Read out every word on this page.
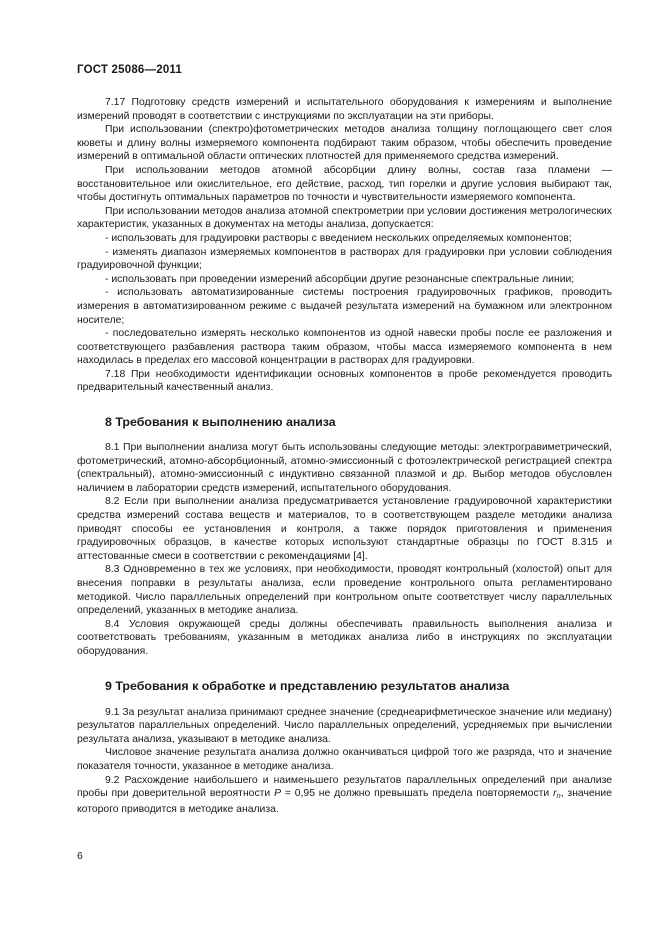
ГОСТ 25086—2011

7.17 Подготовку средств измерений и испытательного оборудования к измерениям и выполнение измерений проводят в соответствии с инструкциями по эксплуатации на эти приборы.

При использовании (спектро)фотометрических методов анализа толщину поглощающего свет слоя кюветы и длину волны измеряемого компонента подбирают таким образом, чтобы обеспечить проведение измерений в оптимальной области оптических плотностей для применяемого средства измерений.

При использовании методов атомной абсорбции длину волны, состав газа пламени — восстановительное или окислительное, его действие, расход, тип горелки и другие условия выбирают так, чтобы достигнуть оптимальных параметров по точности и чувствительности измеряемого компонента.

При использовании методов анализа атомной спектрометрии при условии достижения метрологических характеристик, указанных в документах на методы анализа, допускается:

- использовать для градуировки растворы с введением нескольких определяемых компонентов;

- изменять диапазон измеряемых компонентов в растворах для градуировки при условии соблюдения градуировочной функции;

- использовать при проведении измерений абсорбции другие резонансные спектральные линии;

- использовать автоматизированные системы построения градуировочных графиков, проводить измерения в автоматизированном режиме с выдачей результата измерений на бумажном или электронном носителе;

- последовательно измерять несколько компонентов из одной навески пробы после ее разложения и соответствующего разбавления раствора таким образом, чтобы масса измеряемого компонента в нем находилась в пределах его массовой концентрации в растворах для градуировки.

7.18 При необходимости идентификации основных компонентов в пробе рекомендуется проводить предварительный качественный анализ.

8 Требования к выполнению анализа

8.1 При выполнении анализа могут быть использованы следующие методы: электрогравиметрический, фотометрический, атомно-абсорбционный, атомно-эмиссионный с фотоэлектрической регистрацией спектра (спектральный), атомно-эмиссионный с индуктивно связанной плазмой и др. Выбор методов обусловлен наличием в лаборатории средств измерений, испытательного оборудования.

8.2 Если при выполнении анализа предусматривается установление градуировочной характеристики средства измерений состава веществ и материалов, то в соответствующем разделе методики анализа приводят способы ее установления и контроля, а также порядок приготовления и применения градуировочных образцов, в качестве которых используют стандартные образцы по ГОСТ 8.315 и аттестованные смеси в соответствии с рекомендациями [4].

8.3 Одновременно в тех же условиях, при необходимости, проводят контрольный (холостой) опыт для внесения поправки в результаты анализа, если проведение контрольного опыта регламентировано методикой. Число параллельных определений при контрольном опыте соответствует числу параллельных определений, указанных в методике анализа.

8.4 Условия окружающей среды должны обеспечивать правильность выполнения анализа и соответствовать требованиям, указанным в методиках анализа либо в инструкциях по эксплуатации оборудования.

9 Требования к обработке и представлению результатов анализа

9.1 За результат анализа принимают среднее значение (среднеарифметическое значение или медиану) результатов параллельных определений. Число параллельных определений, усредняемых при вычислении результата анализа, указывают в методике анализа.

Числовое значение результата анализа должно оканчиваться цифрой того же разряда, что и значение показателя точности, указанное в методике анализа.

9.2 Расхождение наибольшего и наименьшего результатов параллельных определений при анализе пробы при доверительной вероятности P = 0,95 не должно превышать предела повторяемости $r_n$, значение которого приводится в методике анализа.

6
